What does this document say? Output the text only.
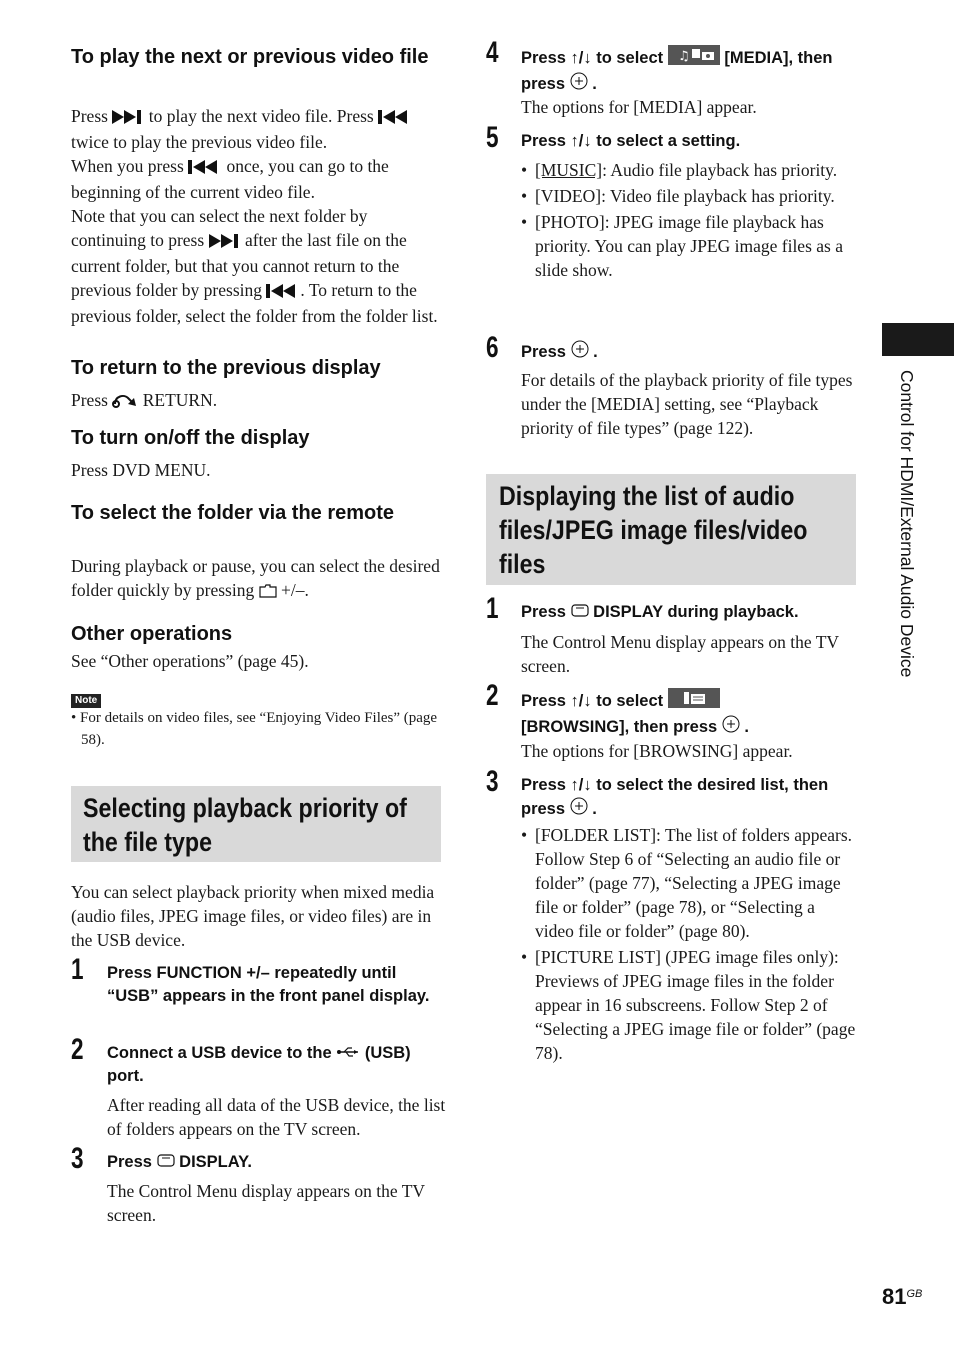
To play the next or previous video file

Press to play the next video file. Press  twice to play the previous video file.
When you press once, you can go to the beginning of the current video file.
Note that you can select the next folder by continuing to press after the last file on the current folder, but that you cannot return to the previous folder by pressing . To return to the previous folder, select the folder from the folder list.

To return to the previous display

Press RETURN.

To turn on/off the display

Press DVD MENU.

To select the folder via the remote

During playback or pause, you can select the desired folder quickly by pressing +/–.

Other operations

See “Other operations” (page 45).

Note
• For details on video files, see “Enjoying Video Files” (page 58).
Selecting playback priority of the file type

You can select playback priority when mixed media (audio files, JPEG image files, or video files) are in the USB device.

1 Press FUNCTION +/– repeatedly until “USB” appears in the front panel display.
2 Connect a USB device to the (USB) port.

After reading all data of the USB device, the list of folders appears on the TV screen.

3 Press DISPLAY.

The Control Menu display appears on the TV screen.

4 Press ↑/↓ to select ♫ [MEDIA], then press  .

The options for [MEDIA] appear.

5 Press ↑/↓ to select a setting.
• [MUSIC]: Audio file playback has priority.
• [VIDEO]: Video file playback has priority.
• [PHOTO]: JPEG image file playback has priority. You can play JPEG image files as a slide show.
6 Press  .

For details of the playback priority of file types under the [MEDIA] setting, see “Playback priority of file types” (page 122).

Displaying the list of audio files/JPEG image files/video files
1 Press DISPLAY during playback.

The Control Menu display appears on the TV screen.

2 Press ↑/↓ to select
[BROWSING], then press  .

The options for [BROWSING] appear.

3 Press ↑/↓ to select the desired list, then press  .
• [FOLDER LIST]: The list of folders appears. Follow Step 6 of “Selecting an audio file or folder” (page 77), “Selecting a JPEG image file or folder” (page 78), or “Selecting a video file or folder” (page 80).
• [PICTURE LIST] (JPEG image files only): Previews of JPEG image files in the folder appear in 16 subscreens. Follow Step 2 of “Selecting a JPEG image file or folder” (page 78).
Control for HDMI/External Audio Device
$81^{GB}$
